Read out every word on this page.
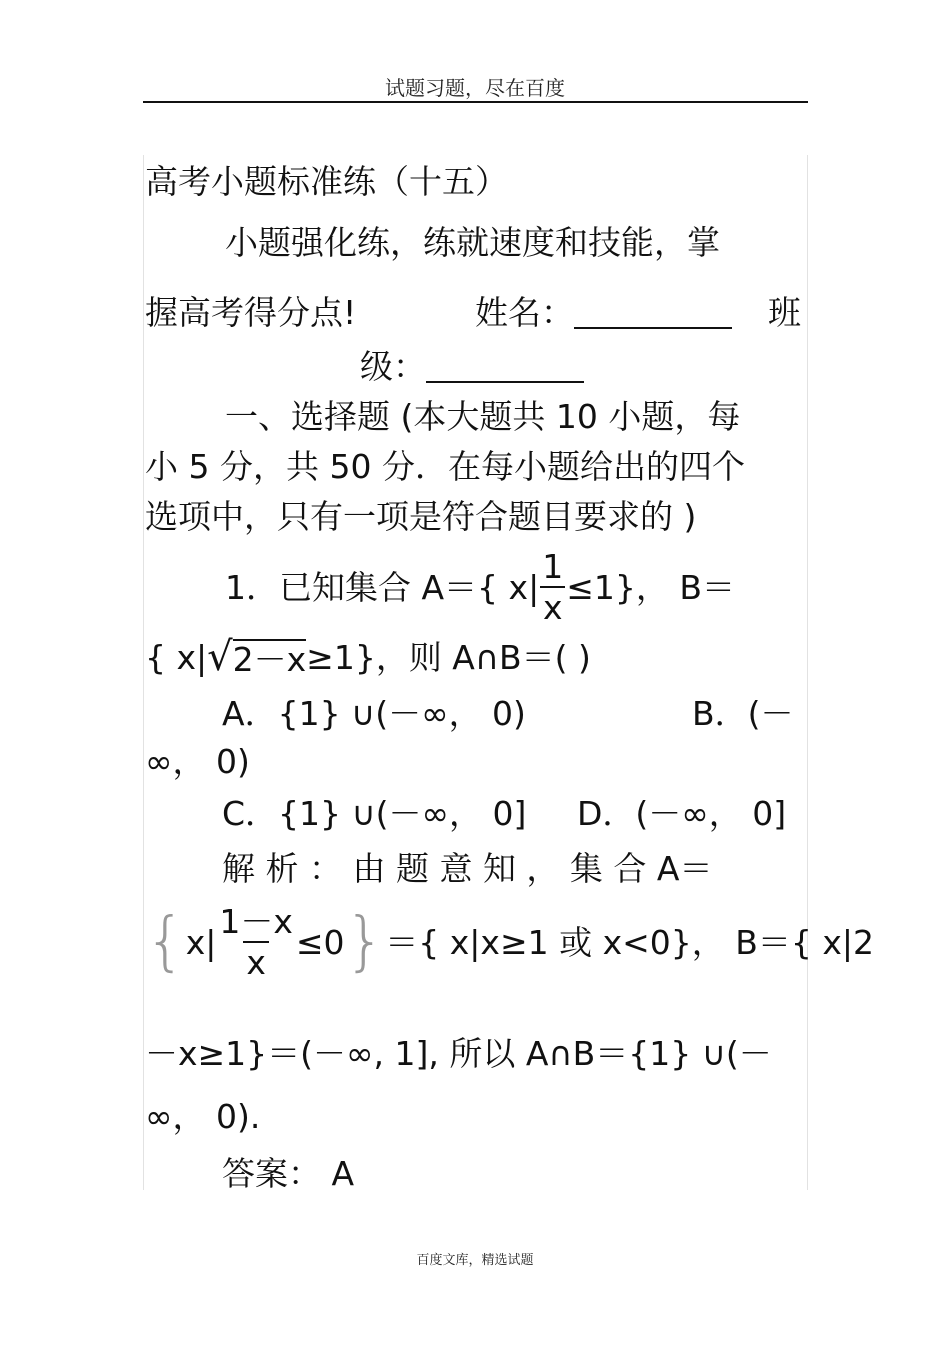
试题习题，尽在百度
高考小题标准练（十五）
小题强化练，练就速度和技能，掌
握高考得分点!	姓名：	班
级：
一、选择题 (本大题共 10 小题，每
小 5 分，共 50 分．在每小题给出的四个
选项中，只有一项是符合题目要求的 )
1．已知集合 A＝{ $x| \frac{1}{x} \le 1$}， B＝
{ x| √ 2－x ≥1}，则 A∩B＝( )
A．{1} ∪(－∞， 0)	B．(－
∞， 0)
C．{1} ∪(－∞， 0] D．(－∞， 0]
解 析 ： 由 题 意 知 ， 集 合 A＝
{ $x| \frac{1-x}{x} \le 0$ } ＝{ x|x≥1 或 x<0}， B＝{ x|2
－x≥1}＝(－∞, 1], 所以 A∩B＝{1} ∪(－
∞， 0).
答案： A
百度文库，精选试题
